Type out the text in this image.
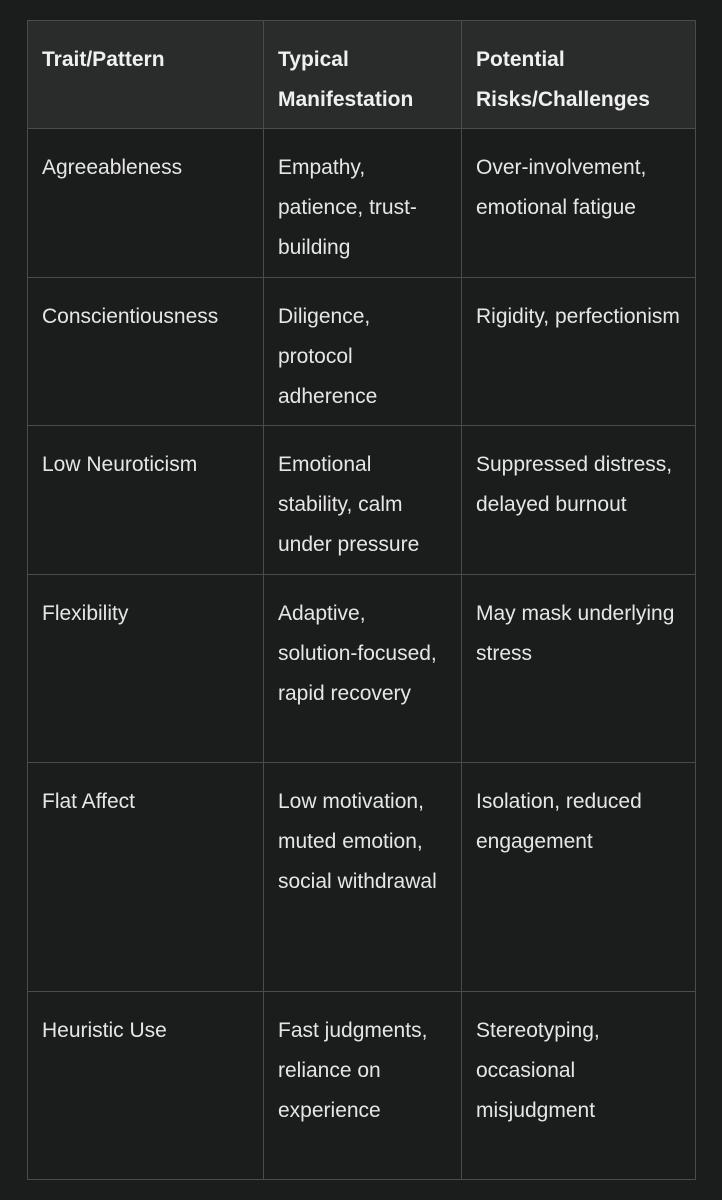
Trait/Pattern	Typical Manifestation	Potential Risks/Challenges
Agreeableness	Empathy, patience, trust-building	Over-involvement, emotional fatigue
Conscientiousness	Diligence, protocol adherence	Rigidity, perfectionism
Low Neuroticism	Emotional stability, calm under pressure	Suppressed distress, delayed burnout
Flexibility	Adaptive, solution-focused, rapid recovery	May mask underlying stress
Flat Affect	Low motivation, muted emotion, social withdrawal	Isolation, reduced engagement
Heuristic Use	Fast judgments, reliance on experience	Stereotyping, occasional misjudgment
